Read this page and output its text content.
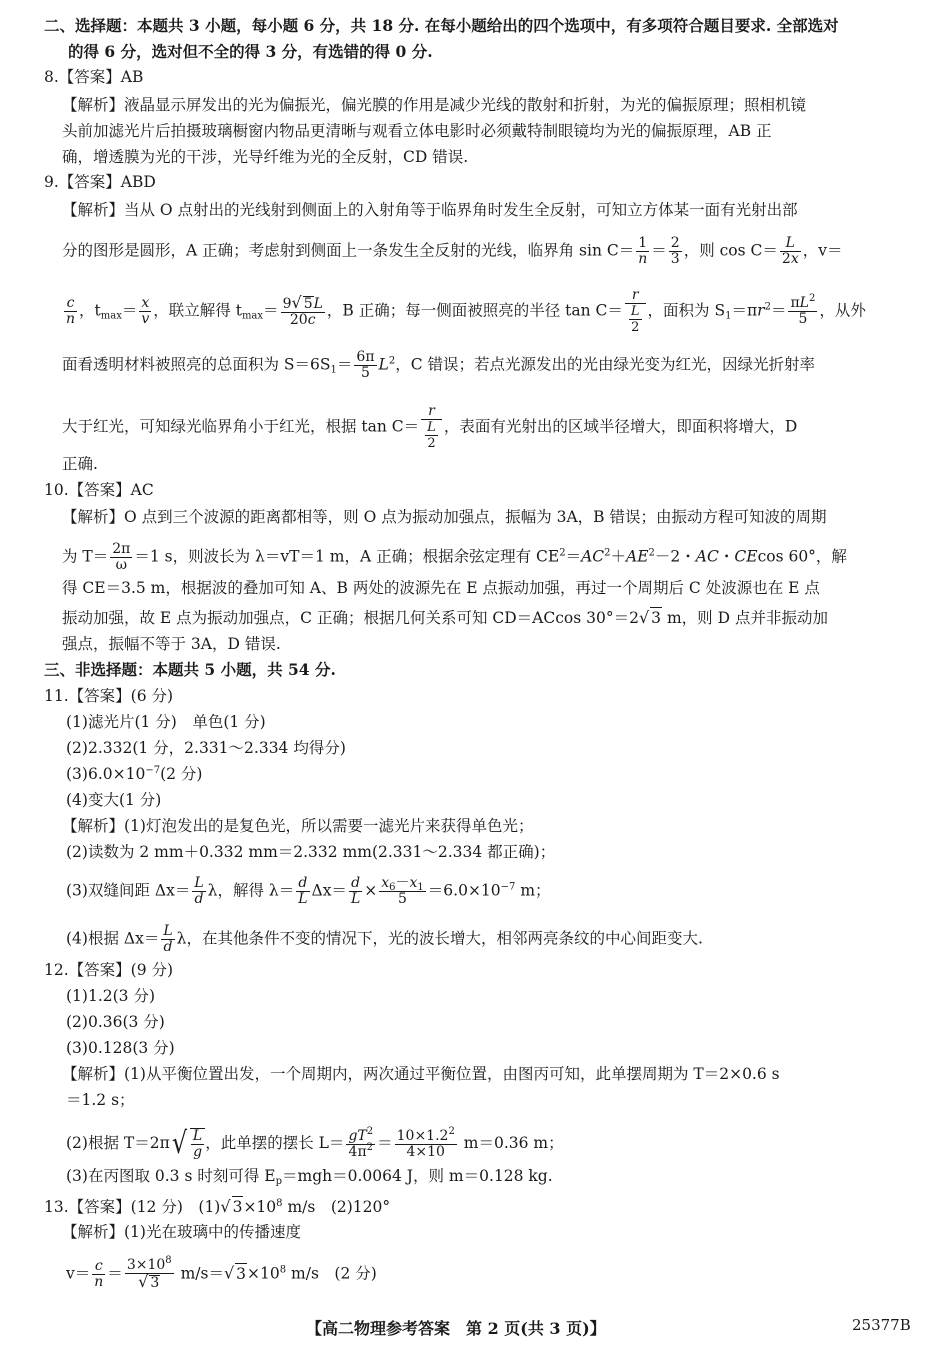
二、选择题：本题共 3 小题，每小题 6 分，共 18 分. 在每小题给出的四个选项中，有多项符合题目要求. 全部选对
的得 6 分，选对但不全的得 3 分，有选错的得 0 分.
8.【答案】AB
【解析】液晶显示屏发出的光为偏振光，偏光膜的作用是减少光线的散射和折射，为光的偏振原理；照相机镜
头前加滤光片后拍摄玻璃橱窗内物品更清晰与观看立体电影时必须戴特制眼镜均为光的偏振原理，AB 正
确，增透膜为光的干涉，光导纤维为光的全反射，CD 错误.
9.【答案】ABD
【解析】当从 O 点射出的光线射到侧面上的入射角等于临界角时发生全反射，可知立方体某一面有光射出部
分的图形是圆形，A 正确；考虑射到侧面上一条发生全反射的光线，临界角 $\sin C= \frac{1}{n} = \frac{2}{3}$ ，则 $\cos C= \frac{L}{2x}$ ，v＝
$\frac{c}{n}$ ，$t_{max}= \frac{x}{v}$ ，联立解得 $t_{max}= \frac{9√ 5L}{20c}$ ，B 正确；每一侧面被照亮的半径 $\tan C= \frac{r}{\frac{L}{2}}$ ，面积为 $S_1=\pi r^2= \frac{\pi L^2}{5}$ ，从外
面看透明材料被照亮的总面积为 $S=6S_1= \frac{6\pi}{5} L^2$，C 错误；若点光源发出的光由绿光变为红光，因绿光折射率
大于红光，可知绿光临界角小于红光，根据 $\tan C= \frac{r}{\frac{L}{2}}$ ，表面有光射出的区域半径增大，即面积将增大，D
正确.
10.【答案】AC
【解析】O 点到三个波源的距离都相等，则 O 点为振动加强点，振幅为 3A，B 错误；由振动方程可知波的周期
为 $T= \frac{2\pi}{\omega} =1$ s，则波长为 λ＝vT＝1 m，A 正确；根据余弦定理有 $CE^2=AC^2+AE^2-2$・AC・CEcos 60°，解
得 CE＝3.5 m，根据波的叠加可知 A、B 两处的波源先在 E 点振动加强，再过一个周期后 C 处波源也在 E 点
振动加强，故 E 点为振动加强点，C 正确；根据几何关系可知 CD＝ACcos 30°＝2√ 3 m，则 D 点并非振动加
强点，振幅不等于 3A，D 错误.
三、非选择题：本题共 5 小题，共 54 分.
11.【答案】(6 分)
(1)滤光片(1 分)　单色(1 分)
(2)2.332(1 分，2.331～2.334 均得分)
$(3)6.0\times 10^{-7}(2$ 分)
(4)变大(1 分)
【解析】(1)灯泡发出的是复色光，所以需要一滤光片来获得单色光；
(2)读数为 2 mm＋0.332 mm＝2.332 mm(2.331～2.334 都正确)；
(3)双缝间距 $\Delta x= \frac{L}{d}$ λ，解得 $\lambda= \frac{d}{L} \Delta x= \frac{d}{L} \times \frac{x_6-x_1}{5} =6.0\times 10^{-7}$ m；
(4)根据 $\Delta x= \frac{L}{d}$ λ，在其他条件不变的情况下，光的波长增大，相邻两亮条纹的中心间距变大.
12.【答案】(9 分)
(1)1.2(3 分)
(2)0.36(3 分)
(3)0.128(3 分)
【解析】(1)从平衡位置出发，一个周期内，两次通过平衡位置，由图丙可知，此单摆周期为 T＝2×0.6 s
＝1.2 s；
(2)根据 $T=2\pi√ \frac{L}{g}$ ，此单摆的摆长 $L= \frac{gT^2}{4\pi^2} = \frac{10\times 1.2^2}{4\times 10} m=0.36$ m；
(3)在丙图取 0.3 s 时刻可得 $E_p=mgh=0.0064$ J，则 m＝0.128 kg.
13.【答案】(12 分)　(1)√ $3\times 10^8$ m/s　(2)120°
【解析】(1)光在玻璃中的传播速度
$v= \frac{c}{n} = \frac{3\times 10^8}{√ 3} m/s=√$ $3\times 10^8$ m/s　(2 分)
【高二物理参考答案　第 2 页(共 3 页)】	25377B
